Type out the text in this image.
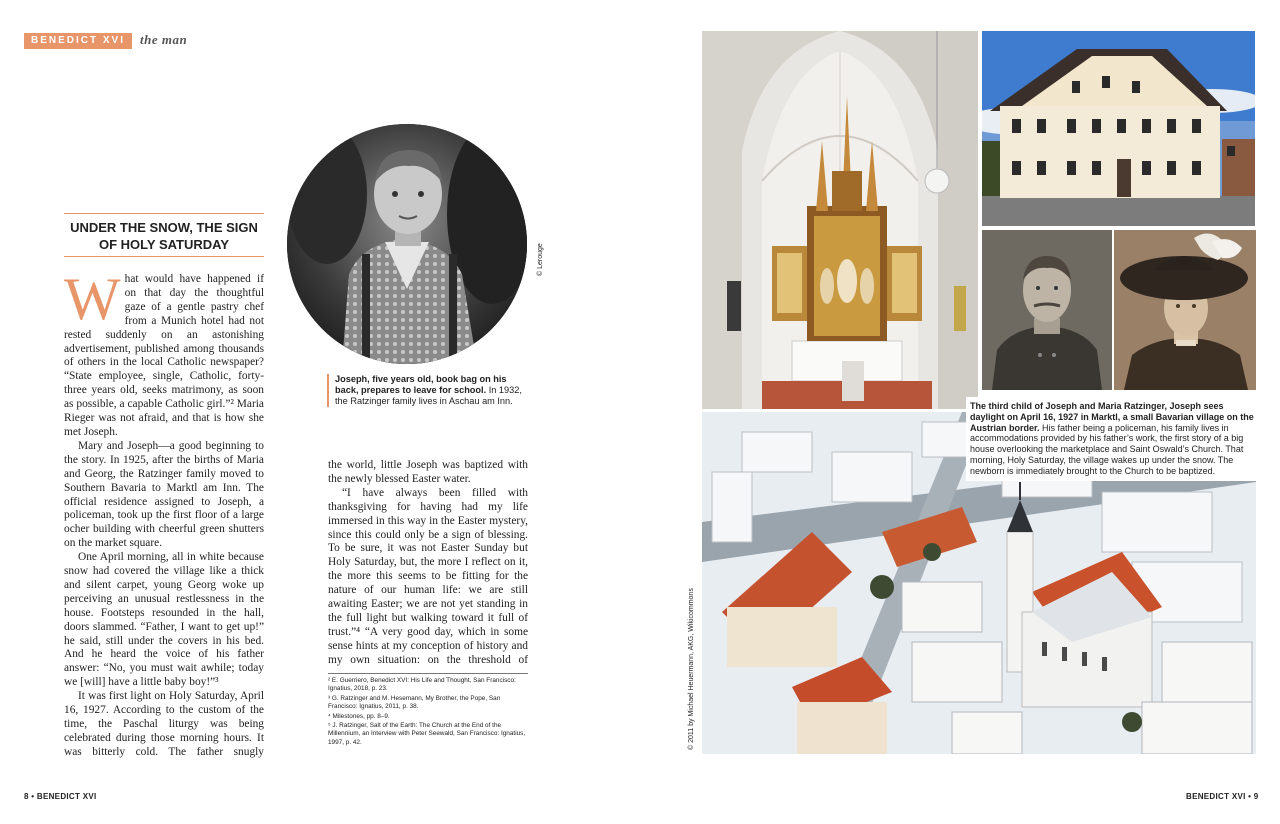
BENEDICT XVI	the man
© Lerouge
Joseph, five years old, book bag on his back, prepares to leave for school. In 1932, the Ratzinger family lives in Aschau am Inn.
UNDER THE SNOW, THE SIGN OF HOLY SATURDAY

What would have happened if on that day the thoughtful gaze of a gentle pastry chef from a Munich hotel had not rested suddenly on an astonishing advertisement, published among thousands of others in the local Catholic newspaper? “State employee, single, Catholic, forty-three years old, seeks matrimony, as soon as possible, a capable Catholic girl.”² Maria Rieger was not afraid, and that is how she met Joseph.

Mary and Joseph—a good beginning to the story. In 1925, after the births of Maria and Georg, the Ratzinger family moved to Southern Bavaria to Marktl am Inn. The official residence assigned to Joseph, a policeman, took up the first floor of a large ocher building with cheerful green shutters on the market square.

One April morning, all in white because snow had covered the village like a thick and silent carpet, young Georg woke up perceiving an unusual restlessness in the house. Footsteps resounded in the hall, doors slammed. “Father, I want to get up!” he said, still under the covers in his bed. And he heard the voice of his father answer: “No, you must wait awhile; today we [will] have a little baby boy!”³

It was first light on Holy Saturday, April 16, 1927. According to the custom of the time, the Paschal liturgy was being celebrated during those morning hours. It was bitterly cold. The father snugly

the world, little Joseph was baptized with the newly blessed Easter water.

“I have always been filled with thanksgiving for having had my life immersed in this way in the Easter mystery, since this could only be a sign of blessing. To be sure, it was not Easter Sunday but Holy Saturday, but, the more I reflect on it, the more this seems to be fitting for the nature of our human life: we are still awaiting Easter; we are not yet standing in the full light but walking toward it full of trust.”⁴ “A very good day, which in some sense hints at my conception of history and my own situation: on the threshold of

² E. Guerriero, Benedict XVI: His Life and Thought, San Francisco: Ignatius, 2018, p. 23.

³ G. Ratzinger and M. Hesemann, My Brother, the Pope, San Francisco: Ignatius, 2011, p. 38.

⁴ Milestones, pp. 8–9.

⁵ J. Ratzinger, Salt of the Earth: The Church at the End of the Millennium, an Interview with Peter Seewald, San Francisco: Ignatius, 1997, p. 42.

8 • BENEDICT XVI	BENEDICT XVI • 9
© 2011 by Michael Heuermann, AKG, Wikicommons
The third child of Joseph and Maria Ratzinger, Joseph sees daylight on April 16, 1927 in Marktl, a small Bavarian village on the Austrian border. His father being a policeman, his family lives in accommodations provided by his father’s work, the first story of a big house overlooking the marketplace and Saint Oswald’s Church. That morning, Holy Saturday, the village wakes up under the snow. The newborn is immediately brought to the Church to be baptized.
